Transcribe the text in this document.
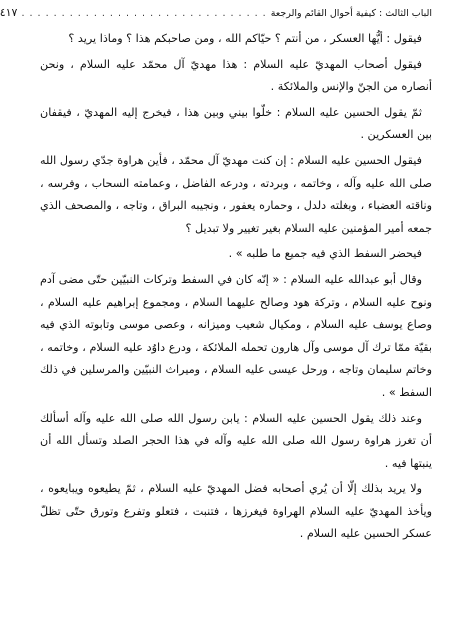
الباب الثالث : كيفية أحوال القائم والرجعة
. . . . . . . . . . . . . . . . . . . . . . . . . . . . . . .
٤١٧

فيقول : أيُّها العسكر ، من أنتم ؟ حيّاكم الله ، ومن صاحبكم هذا ؟ وماذا يريد ؟

فيقول أصحاب المهديّ عليه السلام : هذا مهديّ آل محمّد عليه السلام ، ونحن أنصاره من الجنّ والإنس والملائكة .

ثمّ يقول الحسين عليه السلام : خلّوا بيني وبين هذا ، فيخرج إليه المهديّ ، فيقفان بين العسكرين .

فيقول الحسين عليه السلام : إن كنت مهديّ آل محمّد ، فأين هراوة جدّي رسول الله صلى الله عليه وآله ، وخاتمه ، وبردته ، ودرعه الفاضل ، وعمامته السحاب ، وفرسه ، وناقته العضباء ، وبغلته دلدل ، وحماره يعفور ، ونجيبه البراق ، وتاجه ، والمصحف الذي جمعه أمير المؤمنين عليه السلام بغير تغيير ولا تبديل ؟

فيحضر السفط الذي فيه جميع ما طلبه » .

وقال أبو عبدالله عليه السلام : « إنّه كان في السفط وتركات النبيّين حتّى مضى آدم ونوح عليه السلام ، وتركة هود وصالح عليهما السلام ، ومجموع إبراهيم عليه السلام ، وصاع يوسف عليه السلام ، ومكيال شعيب وميزانه ، وعصى موسى وتابوته الذي فيه بقيّة ممّا ترك آل موسى وآل هارون تحمله الملائكة ، ودرع داوُد عليه السلام ، وخاتمه ، وخاتم سليمان وتاجه ، ورحل عيسى عليه السلام ، وميراث النبيّين والمرسلين في ذلك السفط » .

وعند ذلك يقول الحسين عليه السلام : يابن رسول الله صلى الله عليه وآله أسألك أن تغرز هراوة رسول الله صلى الله عليه وآله في هذا الحجر الصلد وتسأل الله أن ينبتها فيه .

ولا يريد بذلك إلّا أن يُري أصحابه فضل المهديّ عليه السلام ، ثمّ يطيعوه ويبايعوه ، ويأخذ المهديّ عليه السلام الهراوة فيغرزها ، فتنبت ، فتعلو وتفرع وتورق حتّى تظلّ عسكر الحسين عليه السلام .
